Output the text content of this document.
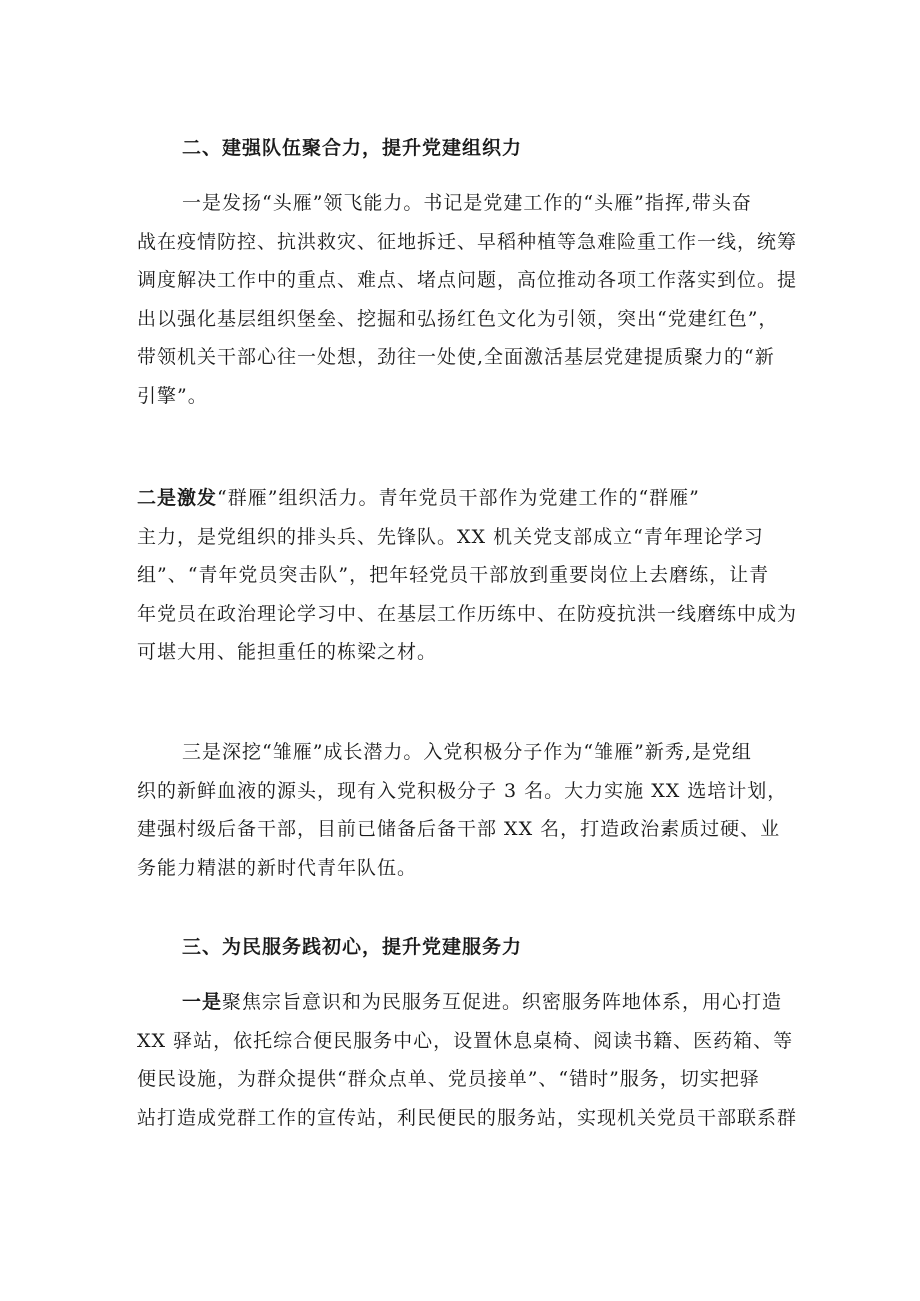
二、建强队伍聚合力，提升党建组织力
一是发扬“头雁”领飞能力。书记是党建工作的“头雁”指挥,带头奋
战在疫情防控、抗洪救灾、征地拆迁、早稻种植等急难险重工作一线，统筹
调度解决工作中的重点、难点、堵点问题，高位推动各项工作落实到位。提
出以强化基层组织堡垒、挖掘和弘扬红色文化为引领，突出“党建红色”，
带领机关干部心往一处想，劲往一处使,全面激活基层党建提质聚力的“新
引擎”。
二是激发“群雁”组织活力。青年党员干部作为党建工作的“群雁”
主力，是党组织的排头兵、先锋队。XX 机关党支部成立“青年理论学习
组”、“青年党员突击队”，把年轻党员干部放到重要岗位上去磨练，让青
年党员在政治理论学习中、在基层工作历练中、在防疫抗洪一线磨练中成为
可堪大用、能担重任的栋梁之材。
三是深挖“雏雁”成长潜力。入党积极分子作为“雏雁”新秀,是党组
织的新鲜血液的源头，现有入党积极分子 3 名。大力实施 XX 选培计划，
建强村级后备干部，目前已储备后备干部 XX 名，打造政治素质过硬、业
务能力精湛的新时代青年队伍。
三、为民服务践初心，提升党建服务力
一是聚焦宗旨意识和为民服务互促进。织密服务阵地体系，用心打造
XX 驿站，依托综合便民服务中心，设置休息桌椅、阅读书籍、医药箱、等
便民设施，为群众提供“群众点单、党员接单”、“错时”服务，切实把驿
站打造成党群工作的宣传站，利民便民的服务站，实现机关党员干部联系群
